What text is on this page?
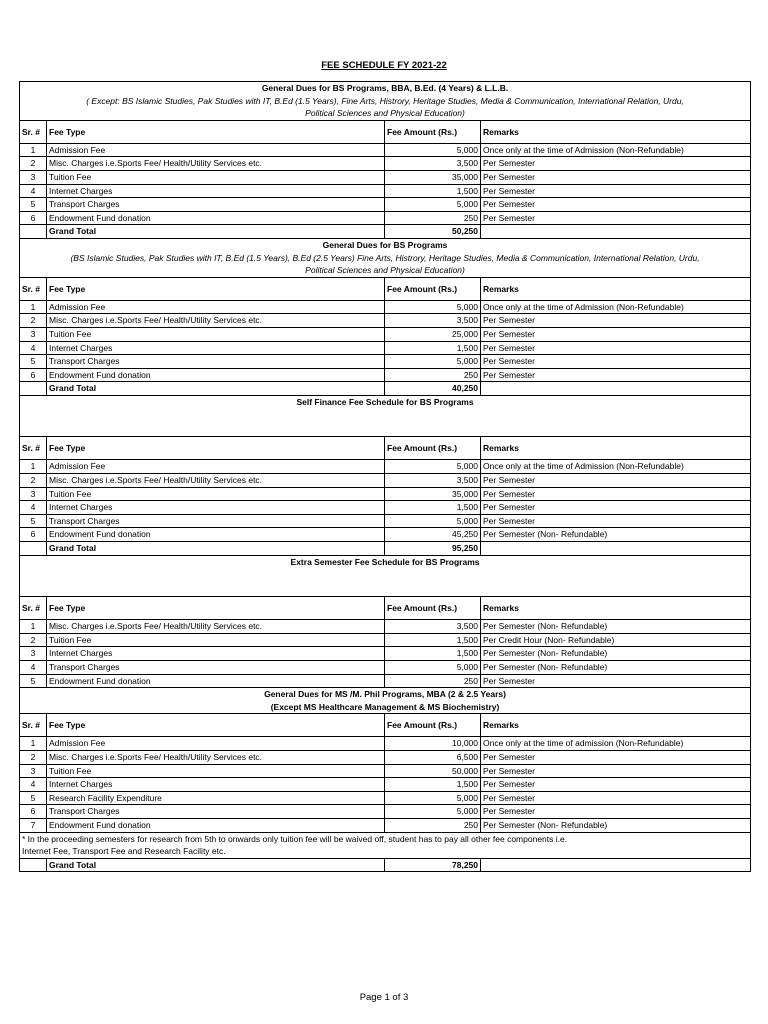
FEE SCHEDULE FY 2021-22
General Dues for BS Programs, BBA, B.Ed. (4 Years) & L.L.B.			
( Except: BS Islamic Studies, Pak Studies with IT, B.Ed (1.5 Years), Fine Arts, Histrory, Heritage Studies, Media & Communication, International Relation, Urdu,			
Political Sciences and Physical Education)			
Sr. #	Fee Type	Fee Amount (Rs.)	Remarks
1	Admission Fee	5,000	Once only at the time of Admission (Non-Refundable)
2	Misc. Charges i.e.Sports Fee/ Health/Utility Services etc.	3,500	Per Semester
3	Tuition Fee	35,000	Per Semester
4	Internet Charges	1,500	Per Semester
5	Transport Charges	5,000	Per Semester
6	Endowment Fund donation	250	Per Semester
	Grand Total	50,250	
General Dues for BS Programs			
(BS Islamic Studies, Pak Studies with IT, B.Ed (1.5 Years), B.Ed (2.5 Years) Fine Arts, Histrory, Heritage Studies, Media & Communication, International Relation, Urdu,			
Political Sciences and Physical Education)			
Sr. #	Fee Type	Fee Amount (Rs.)	Remarks
1	Admission Fee	5,000	Once only at the time of Admission (Non-Refundable)
2	Misc. Charges i.e.Sports Fee/ Health/Utility Services etc.	3,500	Per Semester
3	Tuition Fee	25,000	Per Semester
4	Internet Charges	1,500	Per Semester
5	Transport Charges	5,000	Per Semester
6	Endowment Fund donation	250	Per Semester
	Grand Total	40,250	
Self Finance Fee Schedule for BS Programs			

Sr. #	Fee Type	Fee Amount (Rs.)	Remarks
1	Admission Fee	5,000	Once only at the time of Admission (Non-Refundable)
2	Misc. Charges i.e.Sports Fee/ Health/Utility Services etc.	3,500	Per Semester
3	Tuition Fee	35,000	Per Semester
4	Internet Charges	1,500	Per Semester
5	Transport Charges	5,000	Per Semester
6	Endowment Fund donation	45,250	Per Semester (Non- Refundable)
	Grand Total	95,250	
Extra Semester Fee Schedule for BS Programs			

Sr. #	Fee Type	Fee Amount (Rs.)	Remarks
1	Misc. Charges i.e.Sports Fee/ Health/Utility Services etc.	3,500	Per Semester (Non- Refundable)
2	Tuition Fee	1,500	Per Credit Hour (Non- Refundable)
3	Internet Charges	1,500	Per Semester (Non- Refundable)
4	Transport Charges	5,000	Per Semester (Non- Refundable)
5	Endowment Fund donation	250	Per Semester
General Dues for MS /M. Phil Programs, MBA (2 & 2.5 Years)			
(Except MS Healthcare Management & MS Biochemistry)			
Sr. #	Fee Type	Fee Amount (Rs.)	Remarks
1	Admission Fee	10,000	Once only at the time of admission (Non-Refundable)
2	Misc. Charges i.e.Sports Fee/ Health/Utility Services etc.	6,500	Per Semester
3	Tuition Fee	50,000	Per Semester
4	Internet Charges	1,500	Per Semester
5	Research Facility Expenditure	5,000	Per Semester
6	Transport Charges	5,000	Per Semester
7	Endowment Fund donation	250	Per Semester (Non- Refundable)
* In the proceeding semesters for research from 5th to onwards only tuition fee will be waived off, student has to pay all other fee components i.e.			
Internet Fee, Transport Fee and Research Facility etc.			
	Grand Total	78,250	
Page 1 of 3
